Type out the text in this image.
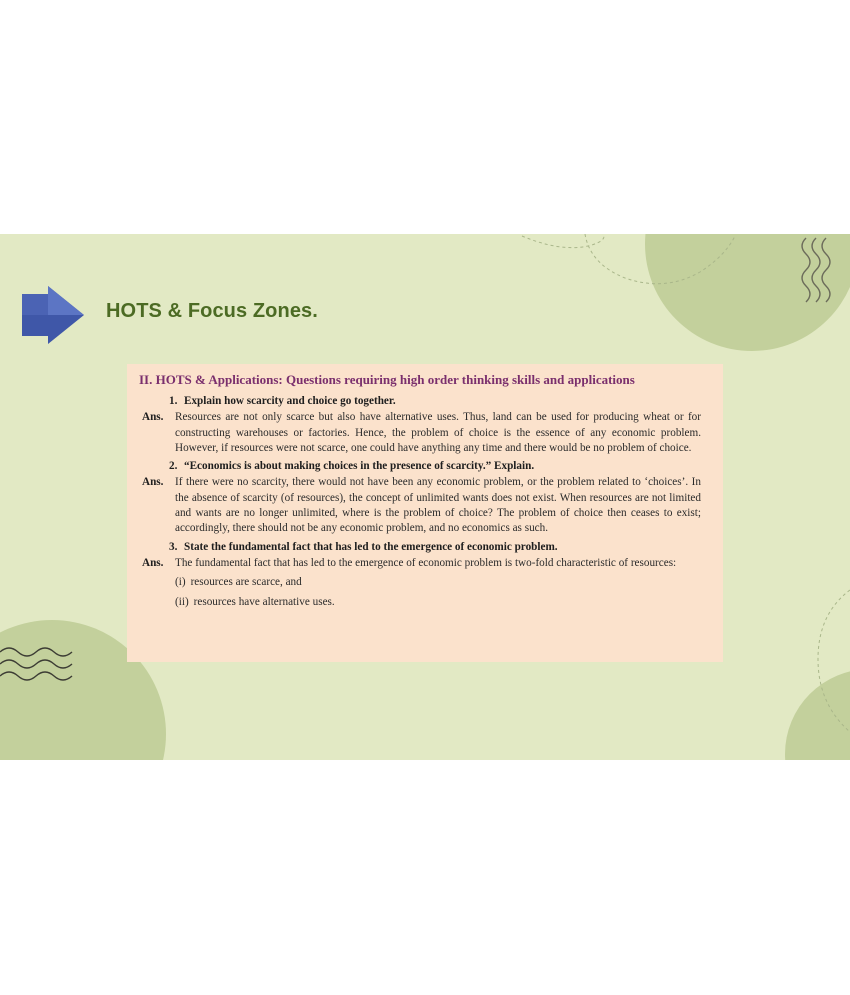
HOTS & Focus Zones.

II. HOTS & Applications: Questions requiring high order thinking skills and applications

1. Explain how scarcity and choice go together.
Ans.	Resources are not only scarce but also have alternative uses. Thus, land can be used for producing wheat or for constructing warehouses or factories. Hence, the problem of choice is the essence of any economic problem. However, if resources were not scarce, one could have anything any time and there would be no problem of choice.
2. “Economics is about making choices in the presence of scarcity.” Explain.
Ans.	If there were no scarcity, there would not have been any economic problem, or the problem related to ‘choices’. In the absence of scarcity (of resources), the concept of unlimited wants does not exist. When resources are not limited and wants are no longer unlimited, where is the problem of choice? The problem of choice then ceases to exist; accordingly, there should not be any economic problem, and no economics as such.
3. State the fundamental fact that has led to the emergence of economic problem.
Ans.	The fundamental fact that has led to the emergence of economic problem is two-fold characteristic of resources:
(i) resources are scarce, and
(ii) resources have alternative uses.
